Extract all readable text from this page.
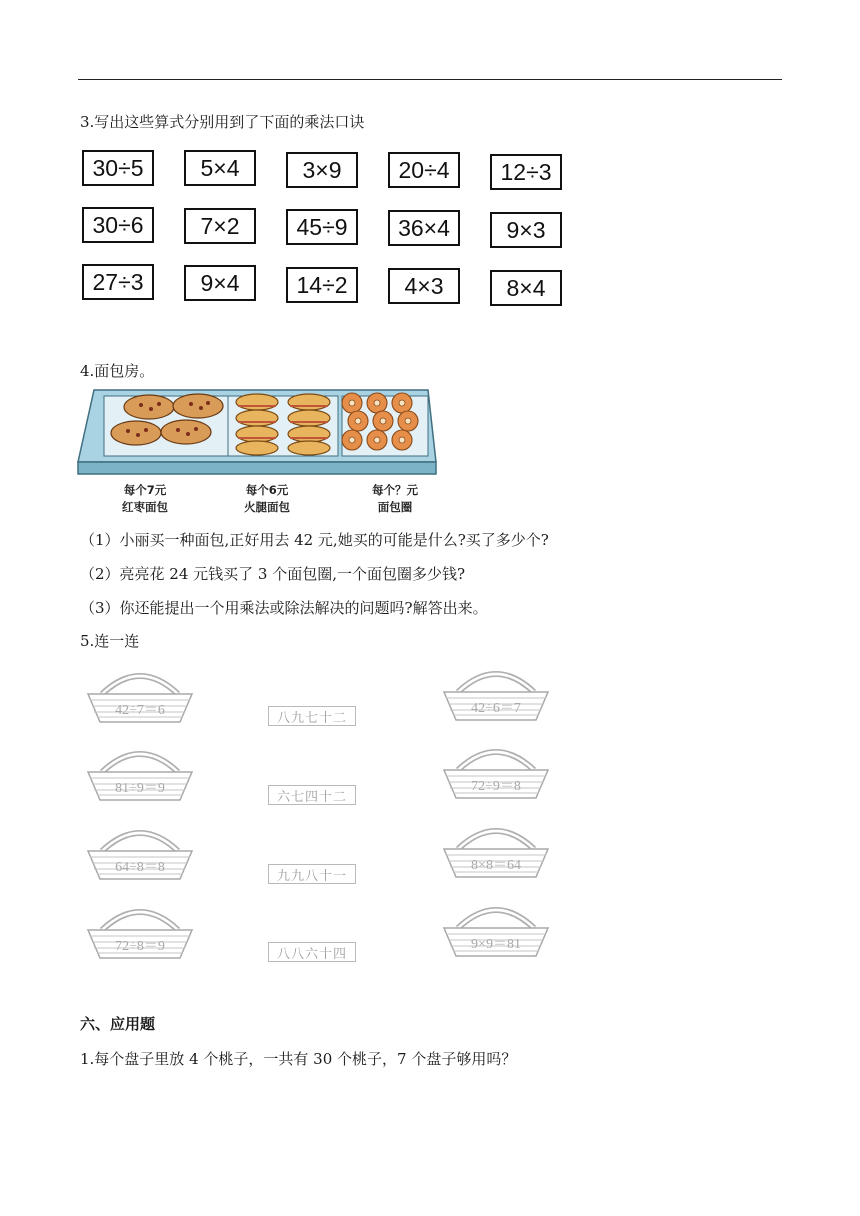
3.写出这些算式分别用到了下面的乘法口诀
30÷5	5×4	3×9	20÷4	12÷3
30÷6	7×2	45÷9	36×4	9×3
27÷3	9×4	14÷2	4×3	8×4
4.面包房。
每个7元
红枣面包
每个6元
火腿面包
每个？元
面包圈
（1）小丽买一种面包,正好用去 42 元,她买的可能是什么?买了多少个?
（2）亮亮花 24 元钱买了 3 个面包圈,一个面包圈多少钱?
（3）你还能提出一个用乘法或除法解决的问题吗?解答出来。
5.连一连
42÷7＝6
81÷9＝9
64÷8＝8
72÷8＝9
八九七十二
六七四十二
九九八十一
八八六十四
42÷6＝7
72÷9＝8
8×8＝64
9×9＝81
六、应用题
1.每个盘子里放 4 个桃子，一共有 30 个桃子，7 个盘子够用吗？
